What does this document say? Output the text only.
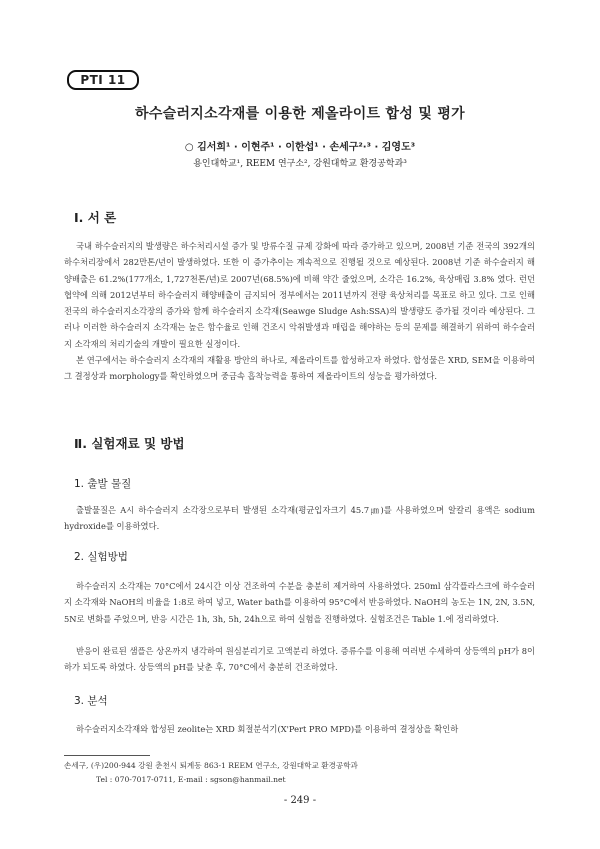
PTI 11
하수슬러지소각재를 이용한 제올라이트 합성 및 평가
○ 김서희¹ · 이현주¹ · 이한섭¹ · 손세구²·³ · 김영도³
용인대학교¹, REEM 연구소², 강원대학교 환경공학과³
Ⅰ. 서 론

국내 하수슬러지의 발생량은 하수처리시설 증가 및 방류수질 규제 강화에 따라 증가하고 있으며, 2008년 기준 전국의 392개의 하수처리장에서 282만톤/년이 발생하였다. 또한 이 증가추이는 계속적으로 진행될 것으로 예상된다. 2008년 기준 하수슬러지 해양배출은 61.2%(177개소, 1,727천톤/년)로 2007년(68.5%)에 비해 약간 줄었으며, 소각은 16.2%, 육상매립 3.8% 였다. 런던협약에 의해 2012년부터 하수슬러지 해양배출이 금지되어 정부에서는 2011년까지 전량 육상처리를 목표로 하고 있다. 그로 인해 전국의 하수슬러지소각장의 증가와 함께 하수슬러지 소각재(Seawge Sludge Ash:SSA)의 발생량도 증가될 것이라 예상된다. 그러나 이러한 하수슬러지 소각재는 높은 함수율로 인해 건조시 악취발생과 매립을 해야하는 등의 문제를 해결하기 위하여 하수슬러지 소각재의 처리기술의 개발이 필요한 실정이다.

본 연구에서는 하수슬러지 소각재의 재활용 방안의 하나로, 제올라이트를 합성하고자 하였다. 합성물은 XRD, SEM을 이용하여 그 결정상과 morphology를 확인하였으며 중금속 흡착능력을 통하여 제올라이트의 성능을 평가하였다.

Ⅱ. 실험재료 및 방법
1. 출발 물질

출발물질은 A시 하수슬러지 소각장으로부터 발생된 소각재(평균입자크기 45.7㎛)를 사용하였으며 알칼리 용액은 sodium hydroxide를 이용하였다.

2. 실험방법

하수슬러지 소각재는 70°C에서 24시간 이상 건조하여 수분을 충분히 제거하여 사용하였다. 250ml 삼각플라스크에 하수슬러지 소각재와 NaOH의 비율을 1:8로 하여 넣고, Water bath를 이용하여 95°C에서 반응하였다. NaOH의 농도는 1N, 2N, 3.5N, 5N로 변화를 주었으며, 반응 시간은 1h, 3h, 5h, 24h으로 하여 실험을 진행하였다. 실험조건은 Table 1.에 정리하였다.

반응이 완료된 샘플은 상온까지 냉각하여 원심분리기로 고액분리 하였다. 증류수를 이용해 여러번 수세하여 상등액의 pH가 8이하가 되도록 하였다. 상등액의 pH를 낮춘 후, 70°C에서 충분히 건조하였다.

3. 분석

하수슬러지소각재와 합성된 zeolite는 XRD 회절분석기(X'Pert PRO MPD)를 이용하여 결정상을 확인하

손세구, (우)200-944 강원 춘천시 퇴계동 863-1 REEM 연구소, 강원대학교 환경공학과
Tel : 070-7017-0711, E-mail : sgson@hanmail.net
- 249 -
